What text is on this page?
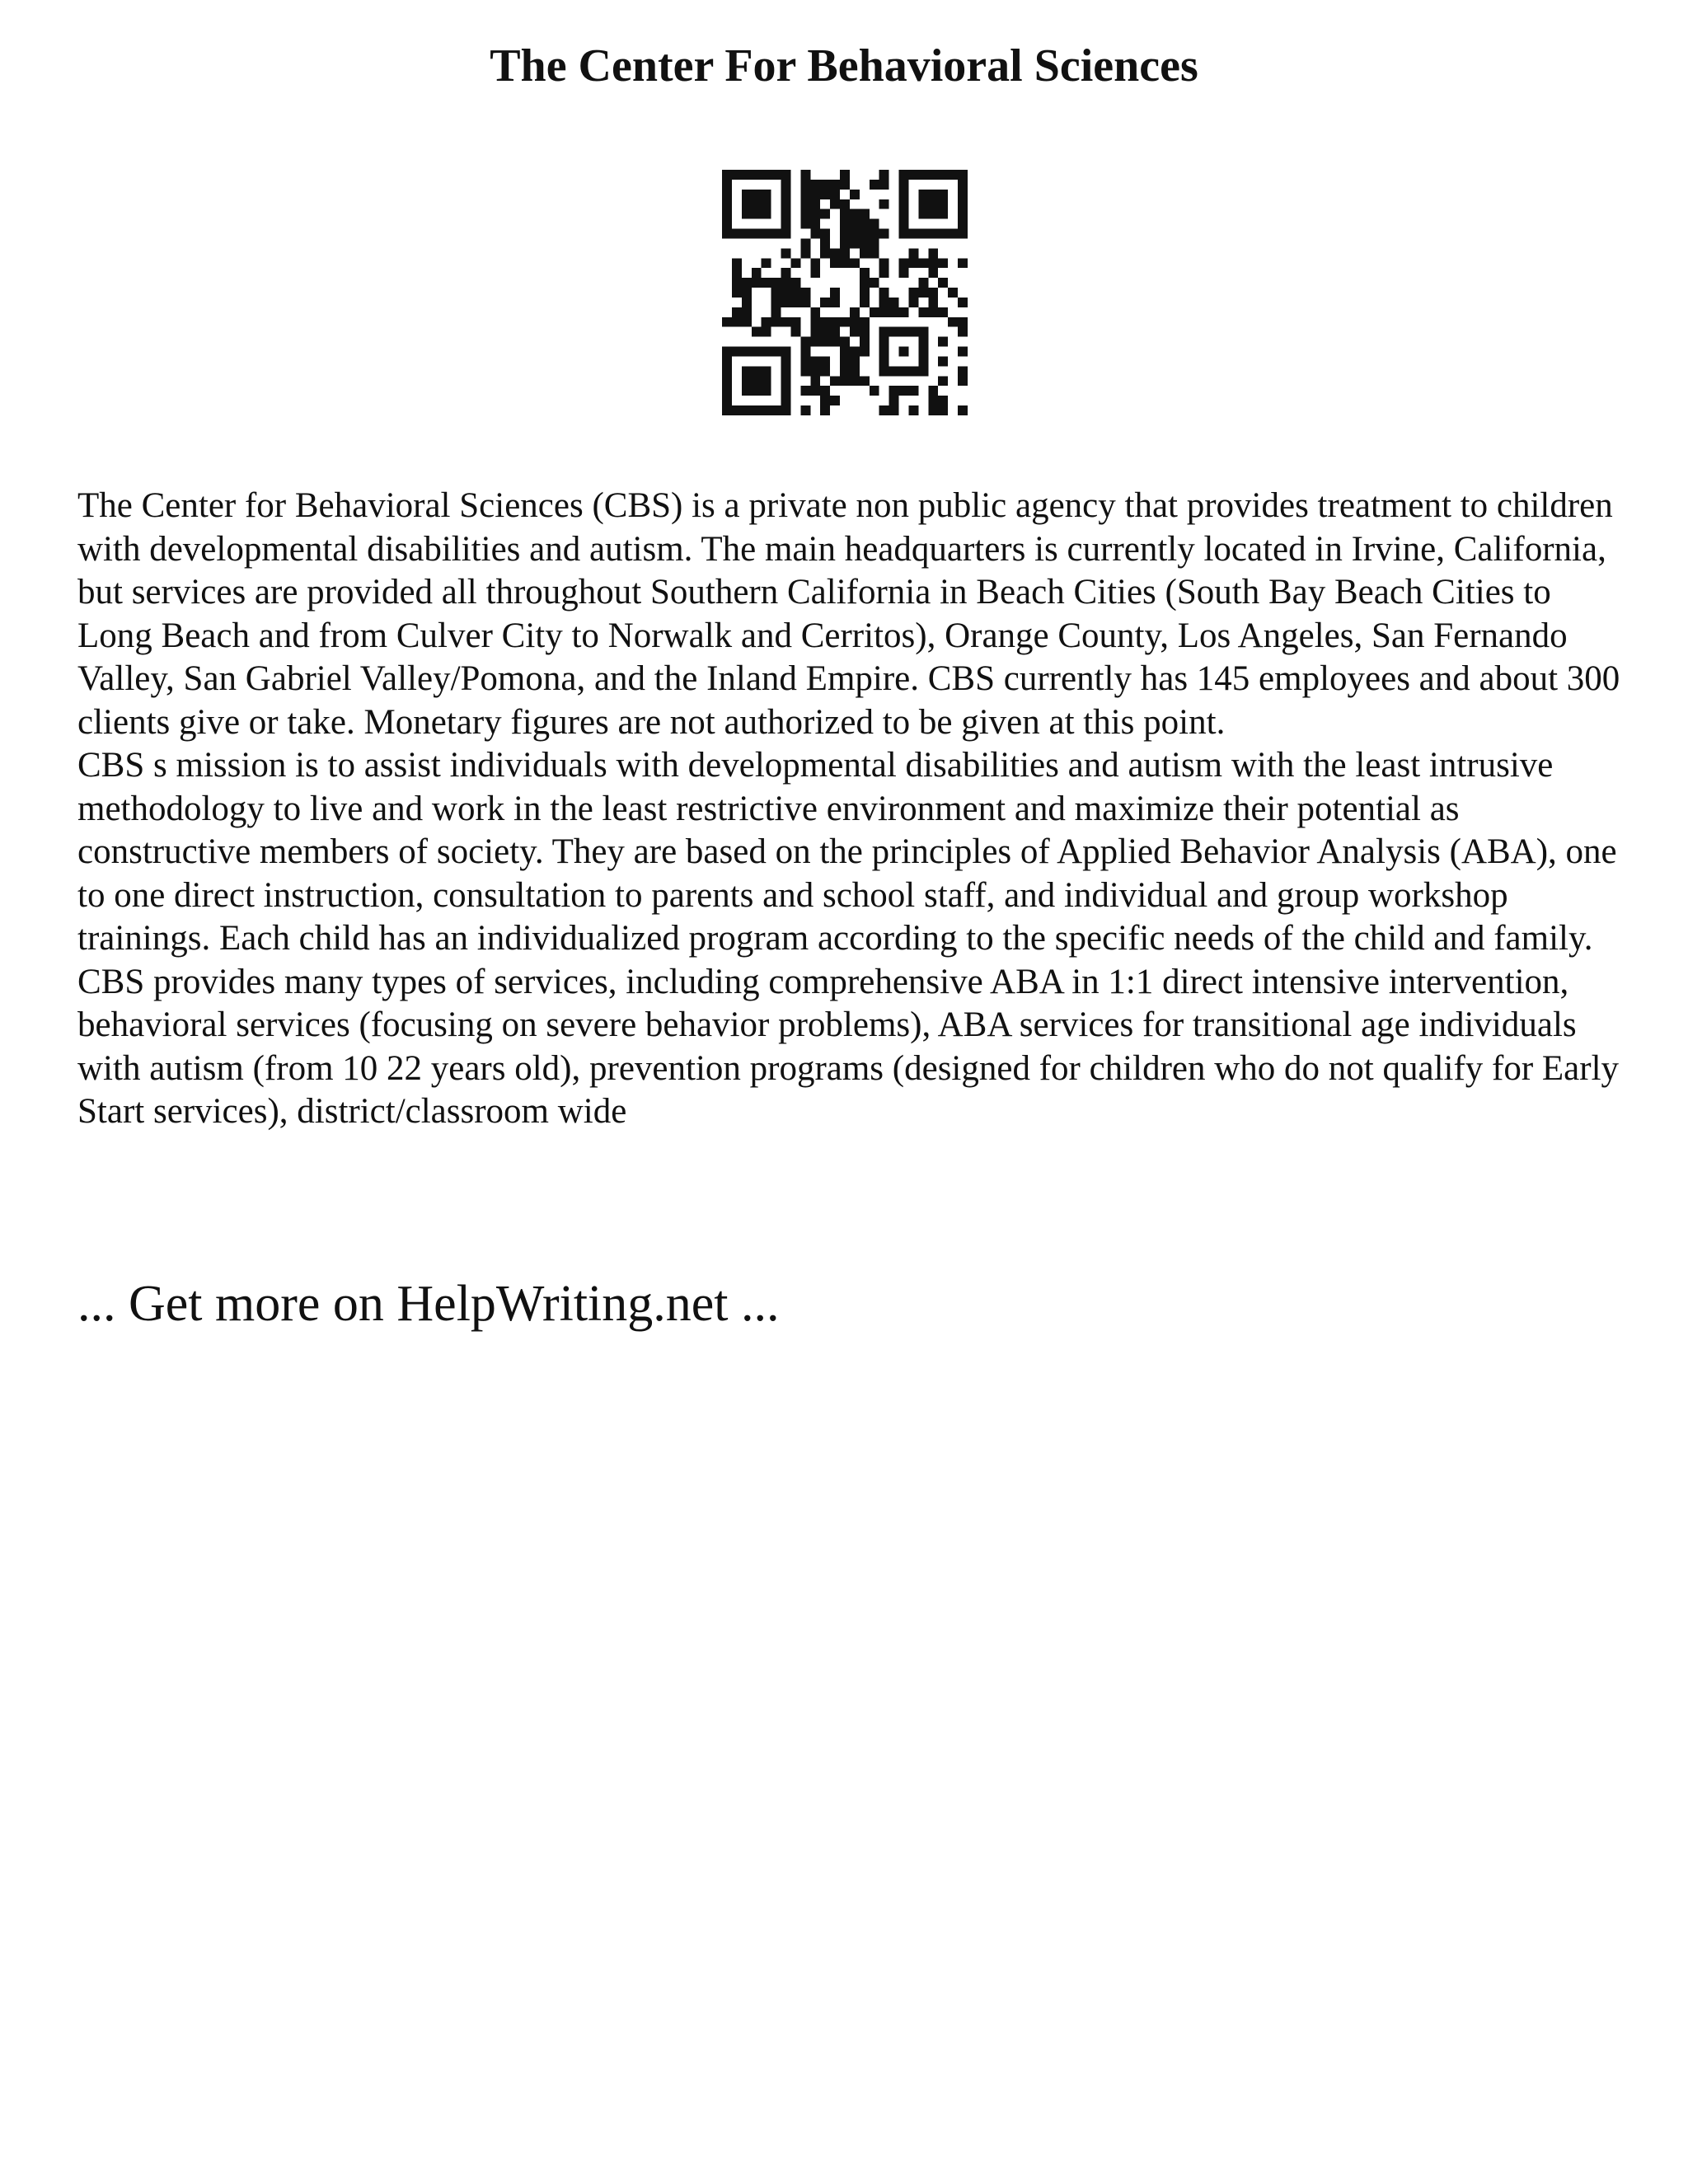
The Center For Behavioral Sciences

The Center for Behavioral Sciences (CBS) is a private non public agency that provides treatment to children with developmental disabilities and autism. The main headquarters is currently located in Irvine, California, but services are provided all throughout Southern California in Beach Cities (South Bay Beach Cities to Long Beach and from Culver City to Norwalk and Cerritos), Orange County, Los Angeles, San Fernando Valley, San Gabriel Valley/Pomona, and the Inland Empire. CBS currently has 145 employees and about 300 clients give or take. Monetary figures are not authorized to be given at this point.

CBS s mission is to assist individuals with developmental disabilities and autism with the least intrusive methodology to live and work in the least restrictive environment and maximize their potential as constructive members of society. They are based on the principles of Applied Behavior Analysis (ABA), one to one direct instruction, consultation to parents and school staff, and individual and group workshop trainings. Each child has an individualized program according to the specific needs of the child and family.

CBS provides many types of services, including comprehensive ABA in 1:1 direct intensive intervention, behavioral services (focusing on severe behavior problems), ABA services for transitional age individuals with autism (from 10 22 years old), prevention programs (designed for children who do not qualify for Early Start services), district/classroom wide

... Get more on HelpWriting.net ...
